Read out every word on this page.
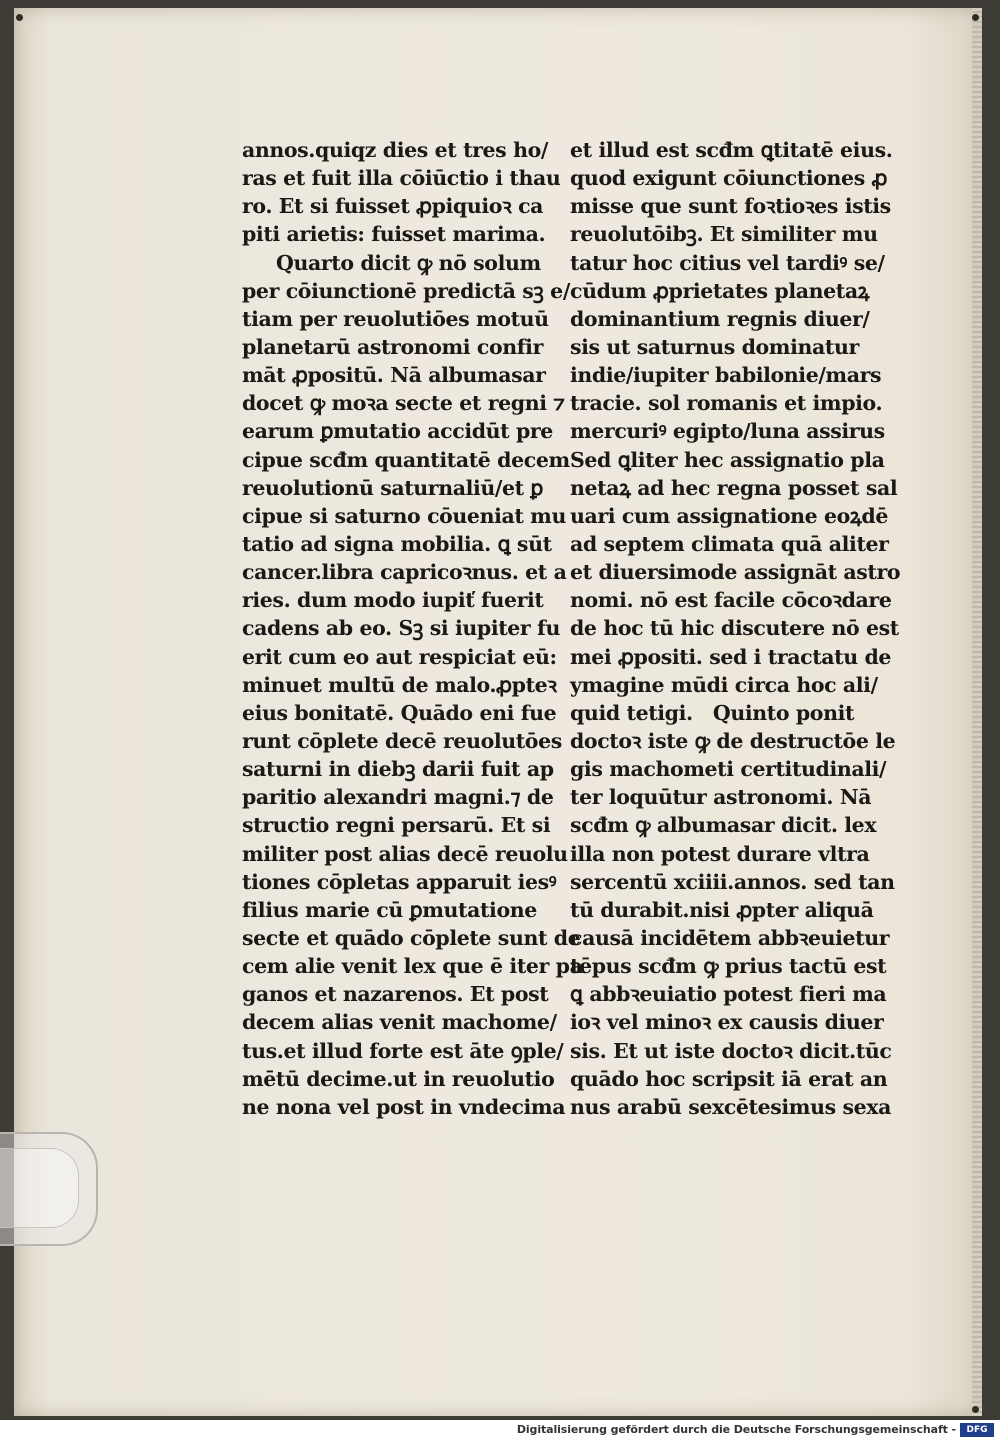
annos.quiqz dies et tres ho/
ras et fuit illa cōiūctio i thau
ro. Et si fuisset ꝓpiquioꝛ ca
piti arietis: fuisset marima.
Quarto dicit ꝙ nō solum
per cōiunctionē predictā sꝫ e/
tiam per reuolutiōes motuū
planetarū astronomi confir
māt ꝓpositū. Nā albumasar
docet ꝙ moꝛa secte et regni ⁊
earum ꝑmutatio accidūt pre
cipue scđm quantitatē decem
reuolutionū saturnaliū/et ꝑ
cipue si saturno cōueniat mu
tatio ad signa mobilia. ꝗ sūt
cancer.libra capricoꝛnus. et a
ries. dum modo iupiť fuerit
cadens ab eo. Sꝫ si iupiter fu
erit cum eo aut respiciat eū:
minuet multū de malo.ꝓpteꝛ
eius bonitatē. Quādo eni fue
runt cōplete decē reuolutōes
saturni in diebꝫ darii fuit ap
paritio alexandri magni.⁊ de
structio regni persarū. Et si
militer post alias decē reuolu
tiones cōpletas apparuit iesꝰ
filius marie cū ꝑmutatione
secte et quādo cōplete sunt de
cem alie venit lex que ē iter pa
ganos et nazarenos. Et post
decem alias venit machome/
tus.et illud forte est āte ꝯple/
mētū decime.ut in reuolutio
ne nona vel post in vndecima
et illud est scđm ꝗtitatē eius.
quod exigunt cōiunctiones ꝓ
misse que sunt foꝛtioꝛes istis
reuolutōibꝫ. Et similiter mu
tatur hoc citius vel tardiꝰ se/
cūdum ꝓprietates planetaꝝ
dominantium regnis diuer/
sis ut saturnus dominatur
indie/iupiter babilonie/mars
tracie. sol romanis et impio.
mercuriꝰ egipto/luna assirus
Sed ꝗliter hec assignatio pla
netaꝝ ad hec regna posset sal
uari cum assignatione eoꝝdē
ad septem climata quā aliter
et diuersimode assignāt astro
nomi. nō est facile cōcoꝛdare
de hoc tū hic discutere nō est
mei ꝓpositi. sed i tractatu de
ymagine mūdi circa hoc ali/
quid tetigi.   Quinto ponit
doctoꝛ iste ꝙ de destructōe le
gis machometi certitudinali/
ter loquūtur astronomi. Nā
scđm ꝙ albumasar dicit. lex
illa non potest durare vltra
sercentū xciiii.annos. sed tan
tū durabit.nisi ꝓpter aliquā
causā incidētem abbꝛeuietur
tēpus scđm ꝙ prius tactū est
ꝗ abbꝛeuiatio potest fieri ma
ioꝛ vel minoꝛ ex causis diuer
sis. Et ut iste doctoꝛ dicit.tūc
quādo hoc scripsit iā erat an
nus arabū sexcētesimus sexa
Digitalisierung gefördert durch die Deutsche Forschungsgemeinschaft -	DFG
